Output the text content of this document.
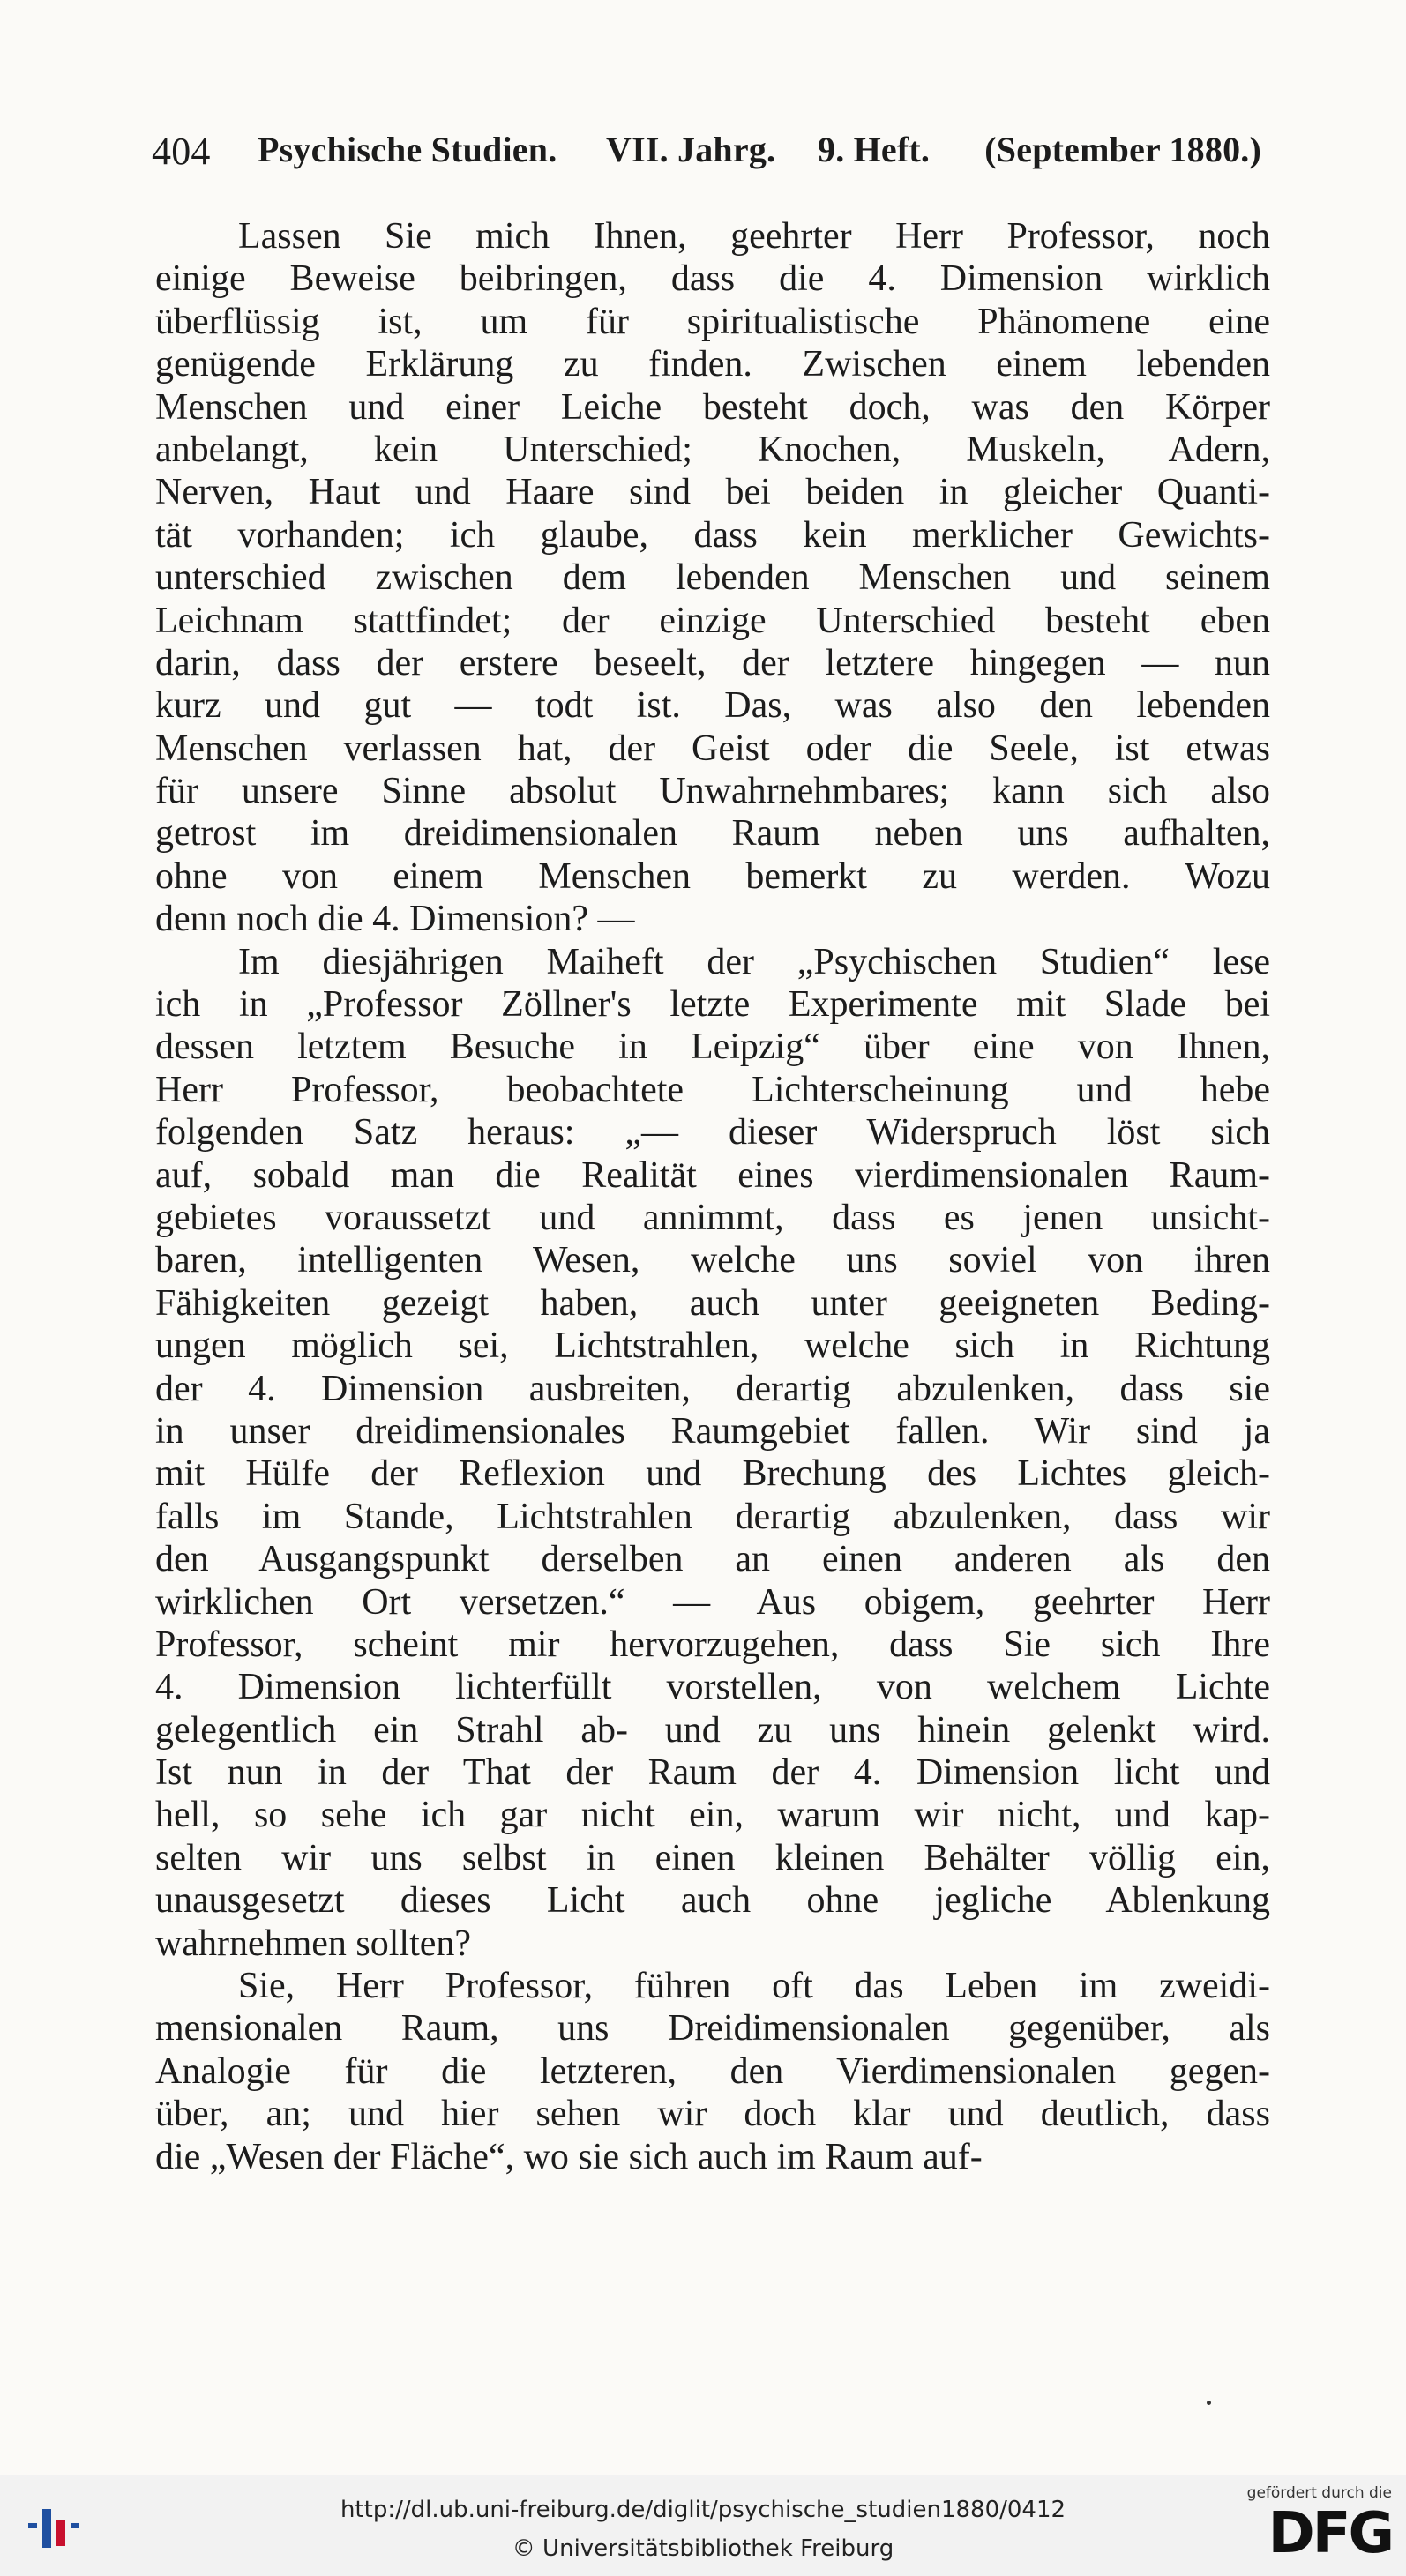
404 Psychische Studien. VII. Jahrg. 9. Heft. (September 1880.)
Lassen Sie mich Ihnen, geehrter Herr Professor, noch
einige Beweise beibringen, dass die 4. Dimension wirklich
überflüssig ist, um für spiritualistische Phänomene eine
genügende Erklärung zu finden. Zwischen einem lebenden
Menschen und einer Leiche besteht doch, was den Körper
anbelangt, kein Unterschied; Knochen, Muskeln, Adern,
Nerven, Haut und Haare sind bei beiden in gleicher Quanti-
tät vorhanden; ich glaube, dass kein merklicher Gewichts-
unterschied zwischen dem lebenden Menschen und seinem
Leichnam stattfindet; der einzige Unterschied besteht eben
darin, dass der erstere beseelt, der letztere hingegen — nun
kurz und gut — todt ist. Das, was also den lebenden
Menschen verlassen hat, der Geist oder die Seele, ist etwas
für unsere Sinne absolut Unwahrnehmbares; kann sich also
getrost im dreidimensionalen Raum neben uns aufhalten,
ohne von einem Menschen bemerkt zu werden. Wozu
denn noch die 4. Dimension? —
Im diesjährigen Maiheft der „Psychischen Studien“ lese
ich in „Professor Zöllner's letzte Experimente mit Slade bei
dessen letztem Besuche in Leipzig“ über eine von Ihnen,
Herr Professor, beobachtete Lichterscheinung und hebe
folgenden Satz heraus: „— dieser Widerspruch löst sich
auf, sobald man die Realität eines vierdimensionalen Raum-
gebietes voraussetzt und annimmt, dass es jenen unsicht-
baren, intelligenten Wesen, welche uns soviel von ihren
Fähigkeiten gezeigt haben, auch unter geeigneten Beding-
ungen möglich sei, Lichtstrahlen, welche sich in Richtung
der 4. Dimension ausbreiten, derartig abzulenken, dass sie
in unser dreidimensionales Raumgebiet fallen. Wir sind ja
mit Hülfe der Reflexion und Brechung des Lichtes gleich-
falls im Stande, Lichtstrahlen derartig abzulenken, dass wir
den Ausgangspunkt derselben an einen anderen als den
wirklichen Ort versetzen.“ — Aus obigem, geehrter Herr
Professor, scheint mir hervorzugehen, dass Sie sich Ihre
4. Dimension lichterfüllt vorstellen, von welchem Lichte
gelegentlich ein Strahl ab- und zu uns hinein gelenkt wird.
Ist nun in der That der Raum der 4. Dimension licht und
hell, so sehe ich gar nicht ein, warum wir nicht, und kap-
selten wir uns selbst in einen kleinen Behälter völlig ein,
unausgesetzt dieses Licht auch ohne jegliche Ablenkung
wahrnehmen sollten?
Sie, Herr Professor, führen oft das Leben im zweidi-
mensionalen Raum, uns Dreidimensionalen gegenüber, als
Analogie für die letzteren, den Vierdimensionalen gegen-
über, an; und hier sehen wir doch klar und deutlich, dass
die „Wesen der Fläche“, wo sie sich auch im Raum auf-
http://dl.ub.uni-freiburg.de/diglit/psychische_studien1880/0412
© Universitätsbibliothek Freiburg
gefördert durch die
DFG
